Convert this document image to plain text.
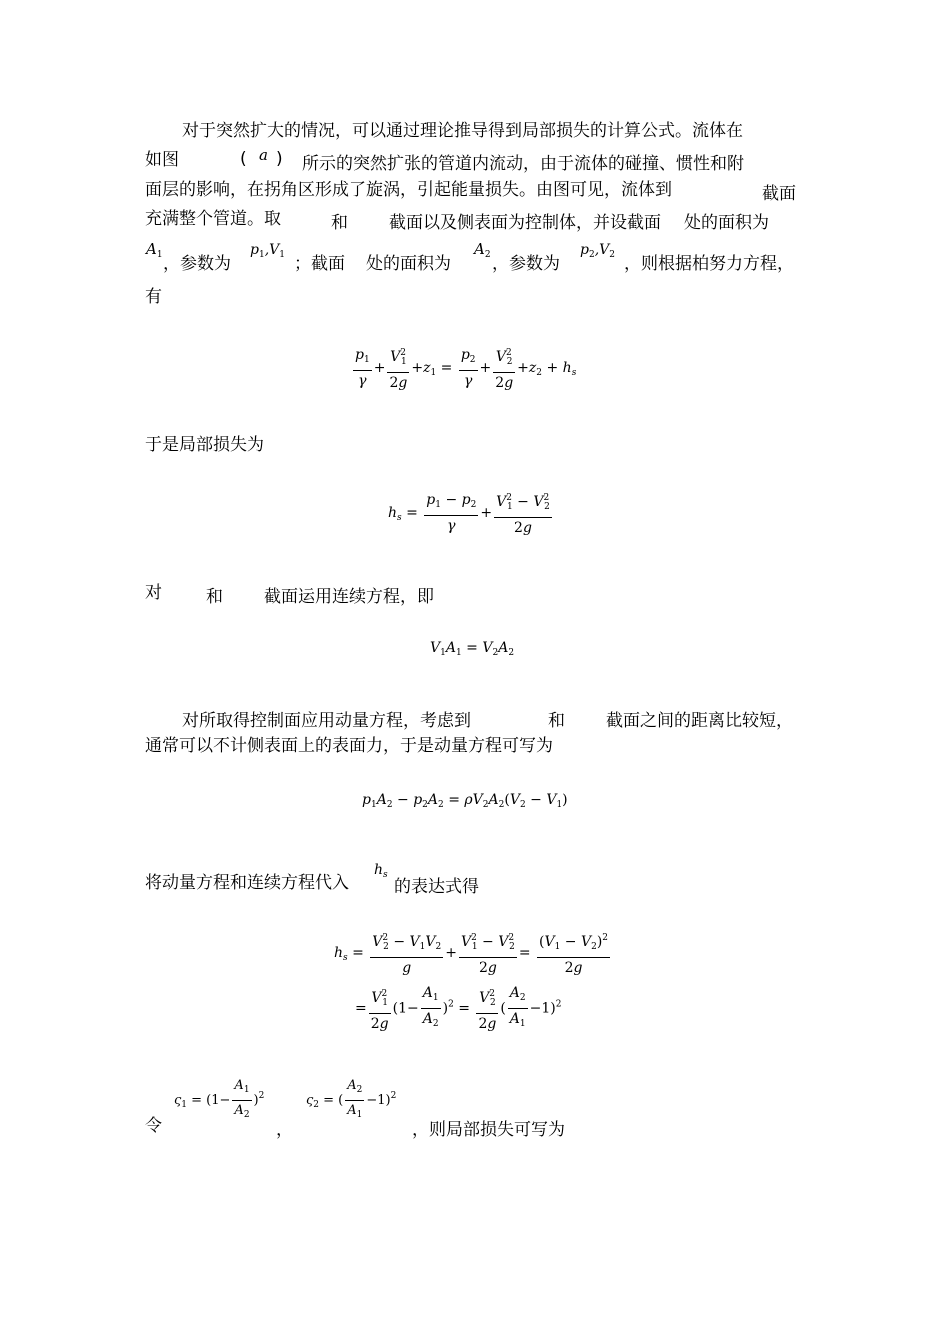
对于突然扩大的情况，可以通过理论推导得到局部损失的计算公式。流体在
如图	( a ) 所示的突然扩张的管道内流动，由于流体的碰撞、惯性和附
面层的影响，在拐角区形成了旋涡，引起能量损失。由图可见，流体到	截面
充满整个管道。取	和 截面以及侧表面为控制体，并设截面 处的面积为
$A_1$ ，参数为
$p_1,V_1$ ；截面 处的面积为
$A_2$ ，参数为
$p_2,V_2$ ，则根据柏努力方程，
有
$\frac{p_1}{\gamma} + \frac{V^2_1}{2g} +z_1 = \frac{p_2}{\gamma} + \frac{V^2_2}{2g} +z_2 + h_s$
于是局部损失为
$h_s = \frac{p_1 - p_2}{\gamma} + \frac{V^2_1 - V^2_2}{2g}$
对	和 截面运用连续方程，即
$V_1A_1 = V_2A_2$
对所取得控制面应用动量方程，考虑到	和 截面之间的距离比较短，
通常可以不计侧表面上的表面力，于是动量方程可写为
$p_1A_2 - p_2A_2 = \rho V_2A_2(V_2 - V_1)$
将动量方程和连续方程代入
$h_s$
的表达式得
$h_s = \frac{V^2_2 - V_1V_2}{g} + \frac{V^2_1 - V^2_2}{2g} = \frac{(V_1 - V_2)^2}{2g}$
= $\frac{V^2_1}{2g} (1- \frac{A_1}{A_2} )^2 = \frac{V^2_2}{2g}$ ( $\frac{A_2}{A_1} -1)^2$
$\varsigma_1 = (1- \frac{A_1}{A_2} )^2$	$\varsigma_2$ = ( $\frac{A_2}{A_1} -1)^2$
令	，	，则局部损失可写为
